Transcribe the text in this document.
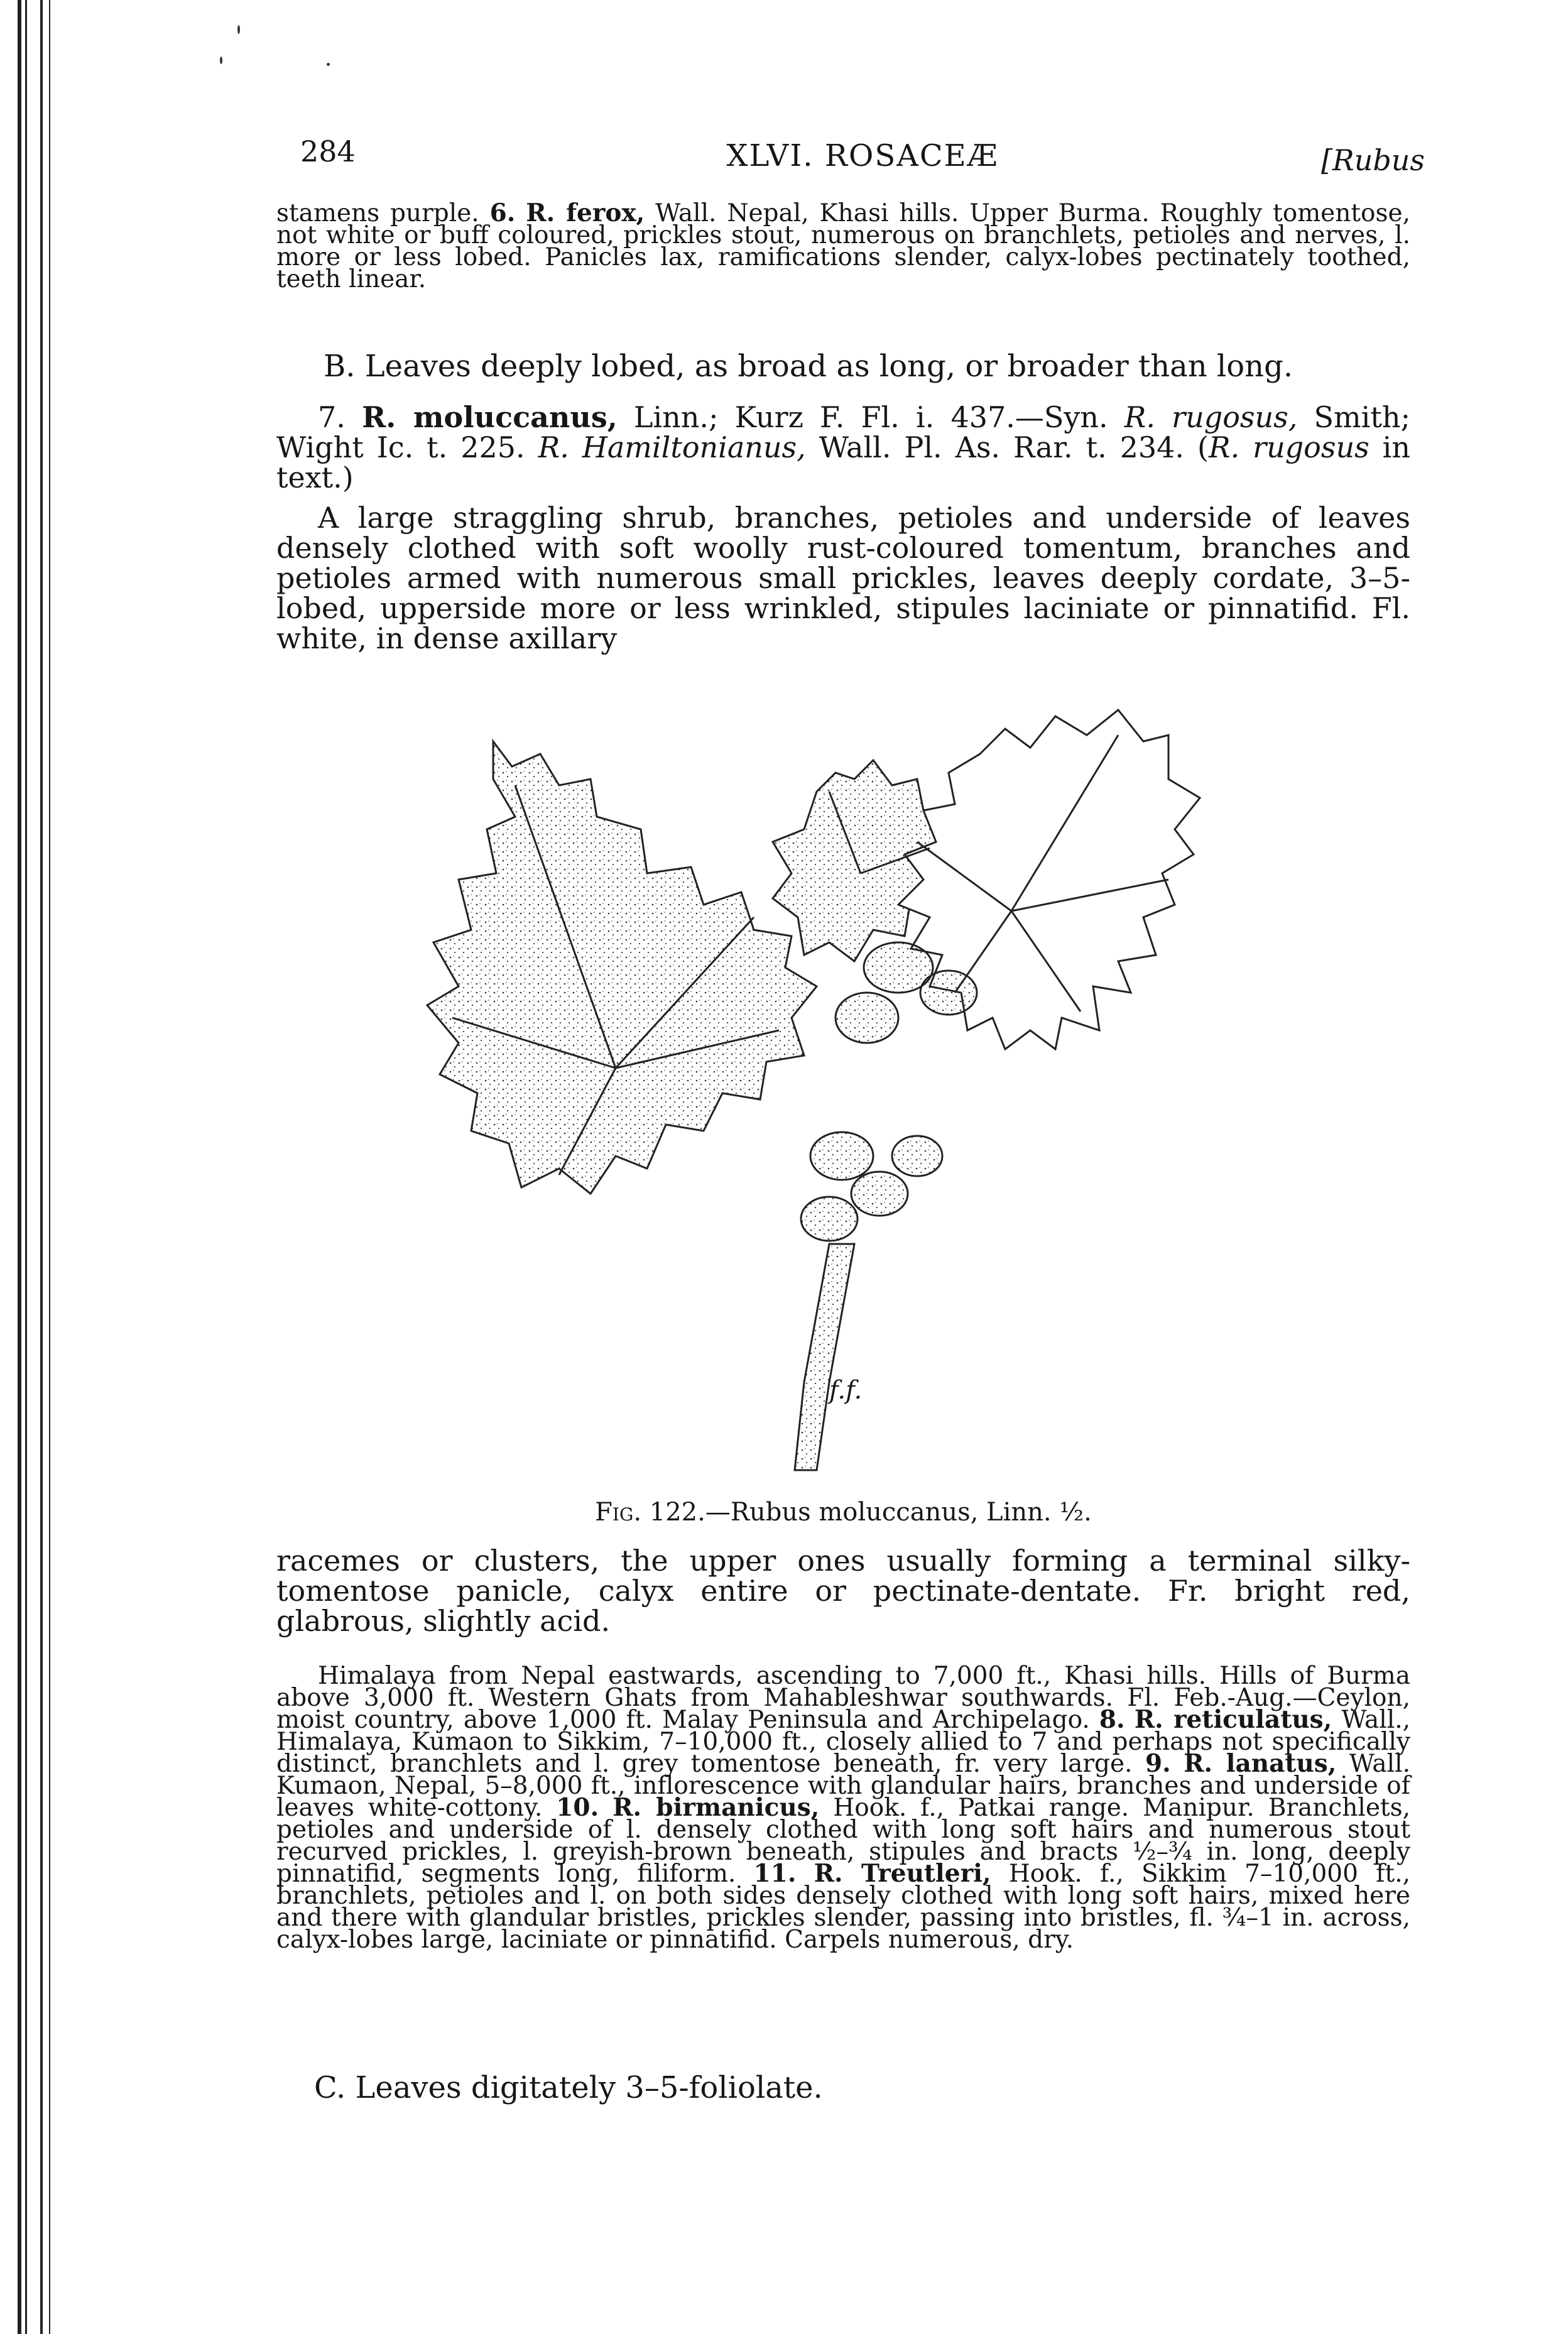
284	XLVI. ROSACEÆ	[Rubus
stamens purple. 6. R. ferox, Wall. Nepal, Khasi hills. Upper Burma. Roughly tomentose, not white or buff coloured, prickles stout, numerous on branchlets, petioles and nerves, l. more or less lobed. Panicles lax, ramifications slender, calyx-lobes pectinately toothed, teeth linear.
B. Leaves deeply lobed, as broad as long, or broader than long.
7. R. moluccanus, Linn.; Kurz F. Fl. i. 437.—Syn. R. rugosus, Smith; Wight Ic. t. 225. R. Hamiltonianus, Wall. Pl. As. Rar. t. 234. (R. rugosus in text.)
A large straggling shrub, branches, petioles and underside of leaves densely clothed with soft woolly rust-coloured tomentum, branches and petioles armed with numerous small prickles, leaves deeply cordate, 3–5-lobed, upperside more or less wrinkled, stipules laciniate or pinnatifid. Fl. white, in dense axillary
f.f.
Fig. 122.—Rubus moluccanus, Linn. ½.
racemes or clusters, the upper ones usually forming a terminal silky-tomentose panicle, calyx entire or pectinate-dentate. Fr. bright red, glabrous, slightly acid.
Himalaya from Nepal eastwards, ascending to 7,000 ft., Khasi hills. Hills of Burma above 3,000 ft. Western Ghats from Mahableshwar southwards. Fl. Feb.-Aug.—Ceylon, moist country, above 1,000 ft. Malay Peninsula and Archipelago. 8. R. reticulatus, Wall., Himalaya, Kumaon to Sikkim, 7–10,000 ft., closely allied to 7 and perhaps not specifically distinct, branchlets and l. grey tomentose beneath, fr. very large. 9. R. lanatus, Wall. Kumaon, Nepal, 5–8,000 ft., inflorescence with glandular hairs, branches and underside of leaves white-cottony. 10. R. birmanicus, Hook. f., Patkai range. Manipur. Branchlets, petioles and underside of l. densely clothed with long soft hairs and numerous stout recurved prickles, l. greyish-brown beneath, stipules and bracts ½–¾ in. long, deeply pinnatifid, segments long, filiform. 11. R. Treutleri, Hook. f., Sikkim 7–10,000 ft., branchlets, petioles and l. on both sides densely clothed with long soft hairs, mixed here and there with glandular bristles, prickles slender, passing into bristles, fl. ¾–1 in. across, calyx-lobes large, laciniate or pinnatifid. Carpels numerous, dry.
C. Leaves digitately 3–5-foliolate.
